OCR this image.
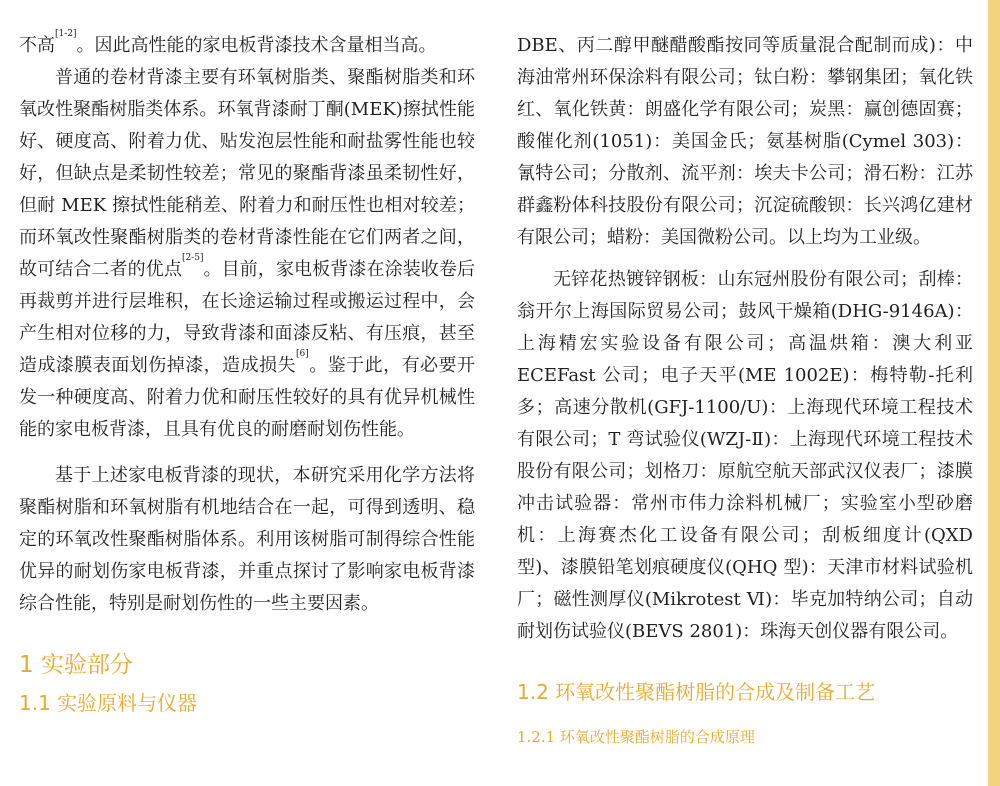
不高[1-2]。因此高性能的家电板背漆技术含量相当高。

普通的卷材背漆主要有环氧树脂类、聚酯树脂类和环氧改性聚酯树脂类体系。环氧背漆耐丁酮(MEK)擦拭性能好、硬度高、附着力优、贴发泡层性能和耐盐雾性能也较好，但缺点是柔韧性较差；常见的聚酯背漆虽柔韧性好，但耐 MEK 擦拭性能稍差、附着力和耐压性也相对较差；而环氧改性聚酯树脂类的卷材背漆性能在它们两者之间，故可结合二者的优点[2-5]。目前，家电板背漆在涂装收卷后再裁剪并进行层堆积，在长途运输过程或搬运过程中，会产生相对位移的力，导致背漆和面漆反粘、有压痕，甚至造成漆膜表面划伤掉漆，造成损失[6]。鉴于此，有必要开发一种硬度高、附着力优和耐压性较好的具有优异机械性能的家电板背漆，且具有优良的耐磨耐划伤性能。

基于上述家电板背漆的现状，本研究采用化学方法将聚酯树脂和环氧树脂有机地结合在一起，可得到透明、稳定的环氧改性聚酯树脂体系。利用该树脂可制得综合性能优异的耐划伤家电板背漆，并重点探讨了影响家电板背漆综合性能，特别是耐划伤性的一些主要因素。

1 实验部分
1.1 实验原料与仪器

DBE、丙二醇甲醚醋酸酯按同等质量混合配制而成)：中海油常州环保涂料有限公司；钛白粉：攀钢集团；氧化铁红、氧化铁黄：朗盛化学有限公司；炭黑：赢创德固赛；酸催化剂(1051)：美国金氏；氨基树脂(Cymel 303)：氰特公司；分散剂、流平剂：埃夫卡公司；滑石粉：江苏群鑫粉体科技股份有限公司；沉淀硫酸钡：长兴鸿亿建材有限公司；蜡粉：美国微粉公司。以上均为工业级。

无锌花热镀锌钢板：山东冠州股份有限公司；刮棒：翁开尔上海国际贸易公司；鼓风干燥箱(DHG-9146A)：上海精宏实验设备有限公司；高温烘箱：澳大利亚 ECEFast 公司；电子天平(ME 1002E)：梅特勒-托利多；高速分散机(GFJ-1100/U)：上海现代环境工程技术有限公司；T 弯试验仪(WZJ-Ⅱ)：上海现代环境工程技术股份有限公司；划格刀：原航空航天部武汉仪表厂；漆膜冲击试验器：常州市伟力涂料机械厂；实验室小型砂磨机：上海赛杰化工设备有限公司；刮板细度计(QXD 型)、漆膜铅笔划痕硬度仪(QHQ 型)：天津市材料试验机厂；磁性测厚仪(Mikrotest Ⅵ)：毕克加特纳公司；自动耐划伤试验仪(BEVS 2801)：珠海天创仪器有限公司。

1.2 环氧改性聚酯树脂的合成及制备工艺
1.2.1 环氧改性聚酯树脂的合成原理
